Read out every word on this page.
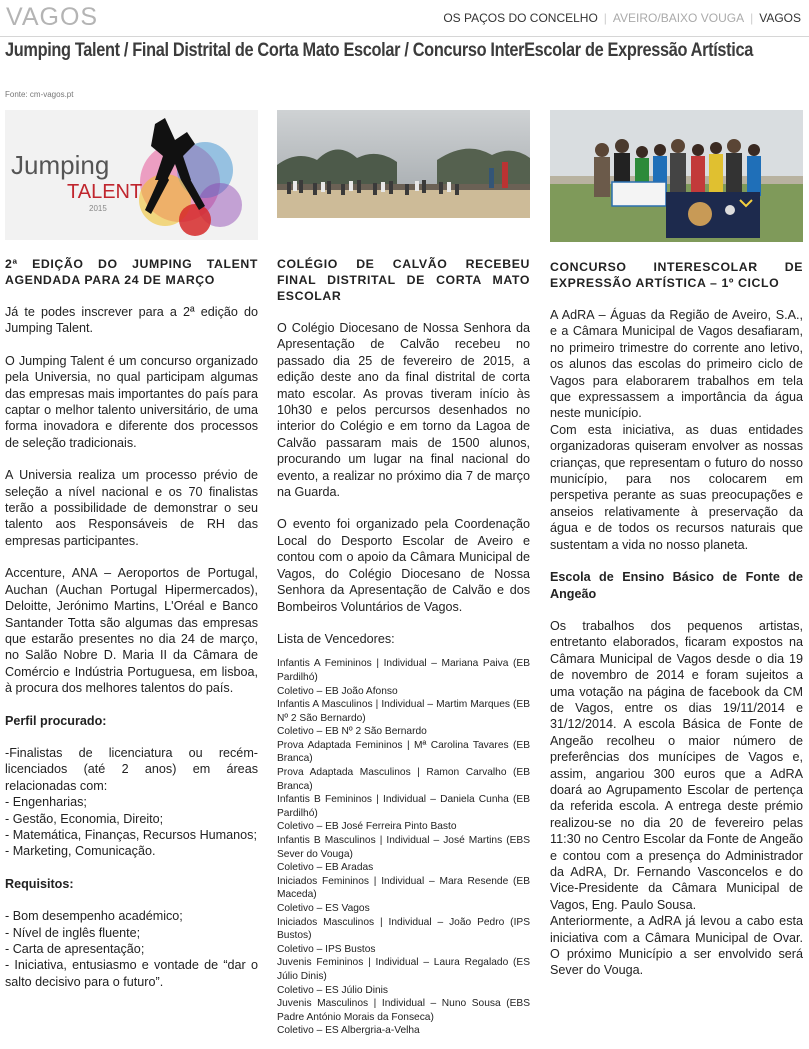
VAGOS	OS PAÇOS DO CONCELHO | AVEIRO/BAIXO VOUGA | VAGOS
Jumping Talent / Final Distrital de Corta Mato Escolar / Concurso InterEscolar de Expressão Artística
Fonte: cm-vagos.pt
Jumping
TALENT
2015
2ª EDIÇÃO DO JUMPING TALENT AGENDADA PARA 24 DE MARÇO

Já te podes inscrever para a 2ª edição do Jumping Talent.

O Jumping Talent é um concurso organizado pela Universia, no qual participam algumas das empresas mais importantes do país para captar o melhor talento universitário, de uma forma inovadora e diferente dos processos de seleção tradicionais.

A Universia realiza um processo prévio de seleção a nível nacional e os 70 finalistas terão a possibilidade de demonstrar o seu talento aos Responsáveis de RH das empresas participantes.

Accenture, ANA – Aeroportos de Portugal, Auchan (Auchan Portugal Hipermercados), Deloitte, Jerónimo Martins, L'Oréal e Banco Santander Totta são algumas das empresas que estarão presentes no dia 24 de março, no Salão Nobre D. Maria II da Câmara de Comércio e Indústria Portuguesa, em lisboa, à procura dos melhores talentos do país.

Perfil procurado:

-Finalistas de licenciatura ou recém-licenciados (até 2 anos) em áreas relacionadas com:

- Engenharias;

- Gestão, Economia, Direito;

- Matemática, Finanças, Recursos Humanos;

- Marketing, Comunicação.

Requisitos:

- Bom desempenho académico;

- Nível de inglês fluente;

- Carta de apresentação;

- Iniciativa, entusiasmo e vontade de “dar o salto decisivo para o futuro”.

COLÉGIO DE CALVÃO RECEBEU FINAL DISTRITAL DE CORTA MATO ESCOLAR

O Colégio Diocesano de Nossa Senhora da Apresentação de Calvão recebeu no passado dia 25 de fevereiro de 2015, a edição deste ano da final distrital de corta mato escolar. As provas tiveram início às 10h30 e pelos percursos desenhados no interior do Colégio e em torno da Lagoa de Calvão passaram mais de 1500 alunos, procurando um lugar na final nacional do evento, a realizar no próximo dia 7 de março na Guarda.

O evento foi organizado pela Coordenação Local do Desporto Escolar de Aveiro e contou com o apoio da Câmara Municipal de Vagos, do Colégio Diocesano de Nossa Senhora da Apresentação de Calvão e dos Bombeiros Voluntários de Vagos.

Lista de Vencedores:

Infantis A Femininos | Individual – Mariana Paiva (EB Pardilhó)
Coletivo – EB João Afonso
Infantis A Masculinos | Individual – Martim Marques (EB Nº 2 São Bernardo)
Coletivo – EB Nº 2 São Bernardo
Prova Adaptada Femininos | Mª Carolina Tavares (EB Branca)
Prova Adaptada Masculinos | Ramon Carvalho (EB Branca)
Infantis B Femininos | Individual – Daniela Cunha (EB Pardilhó)
Coletivo – EB José Ferreira Pinto Basto
Infantis B Masculinos | Individual – José Martins (EBS Sever do Vouga)
Coletivo – EB Aradas
Iniciados Femininos | Individual – Mara Resende (EB Maceda)
Coletivo – ES Vagos
Iniciados Masculinos | Individual – João Pedro (IPS Bustos)
Coletivo – IPS Bustos
Juvenis Femininos | Individual – Laura Regalado (ES Júlio Dinis)
Coletivo – ES Júlio Dinis
Juvenis Masculinos | Individual – Nuno Sousa (EBS Padre António Morais da Fonseca)
Coletivo – ES Albergria-a-Velha
CONCURSO INTERESCOLAR DE EXPRESSÃO ARTÍSTICA – 1º CICLO

A AdRA – Águas da Região de Aveiro, S.A., e a Câmara Municipal de Vagos desafiaram, no primeiro trimestre do corrente ano letivo, os alunos das escolas do primeiro ciclo de Vagos para elaborarem trabalhos em tela que expressassem a importância da água neste município.

Com esta iniciativa, as duas entidades organizadoras quiseram envolver as nossas crianças, que representam o futuro do nosso município, para nos colocarem em perspetiva perante as suas preocupações e anseios relativamente à preservação da água e de todos os recursos naturais que sustentam a vida no nosso planeta.

Escola de Ensino Básico de Fonte de Angeão

Os trabalhos dos pequenos artistas, entretanto elaborados, ficaram expostos na Câmara Municipal de Vagos desde o dia 19 de novembro de 2014 e foram sujeitos a uma votação na página de facebook da CM de Vagos, entre os dias 19/11/2014 e 31/12/2014. A escola Básica de Fonte de Angeão recolheu o maior número de preferências dos munícipes de Vagos e, assim, angariou 300 euros que a AdRA doará ao Agrupamento Escolar de pertença da referida escola. A entrega deste prémio realizou-se no dia 20 de fevereiro pelas 11:30 no Centro Escolar da Fonte de Angeão e contou com a presença do Administrador da AdRA, Dr. Fernando Vasconcelos e do Vice-Presidente da Câmara Municipal de Vagos, Eng. Paulo Sousa.

Anteriormente, a AdRA já levou a cabo esta iniciativa com a Câmara Municipal de Ovar. O próximo Município a ser envolvido será Sever do Vouga.
